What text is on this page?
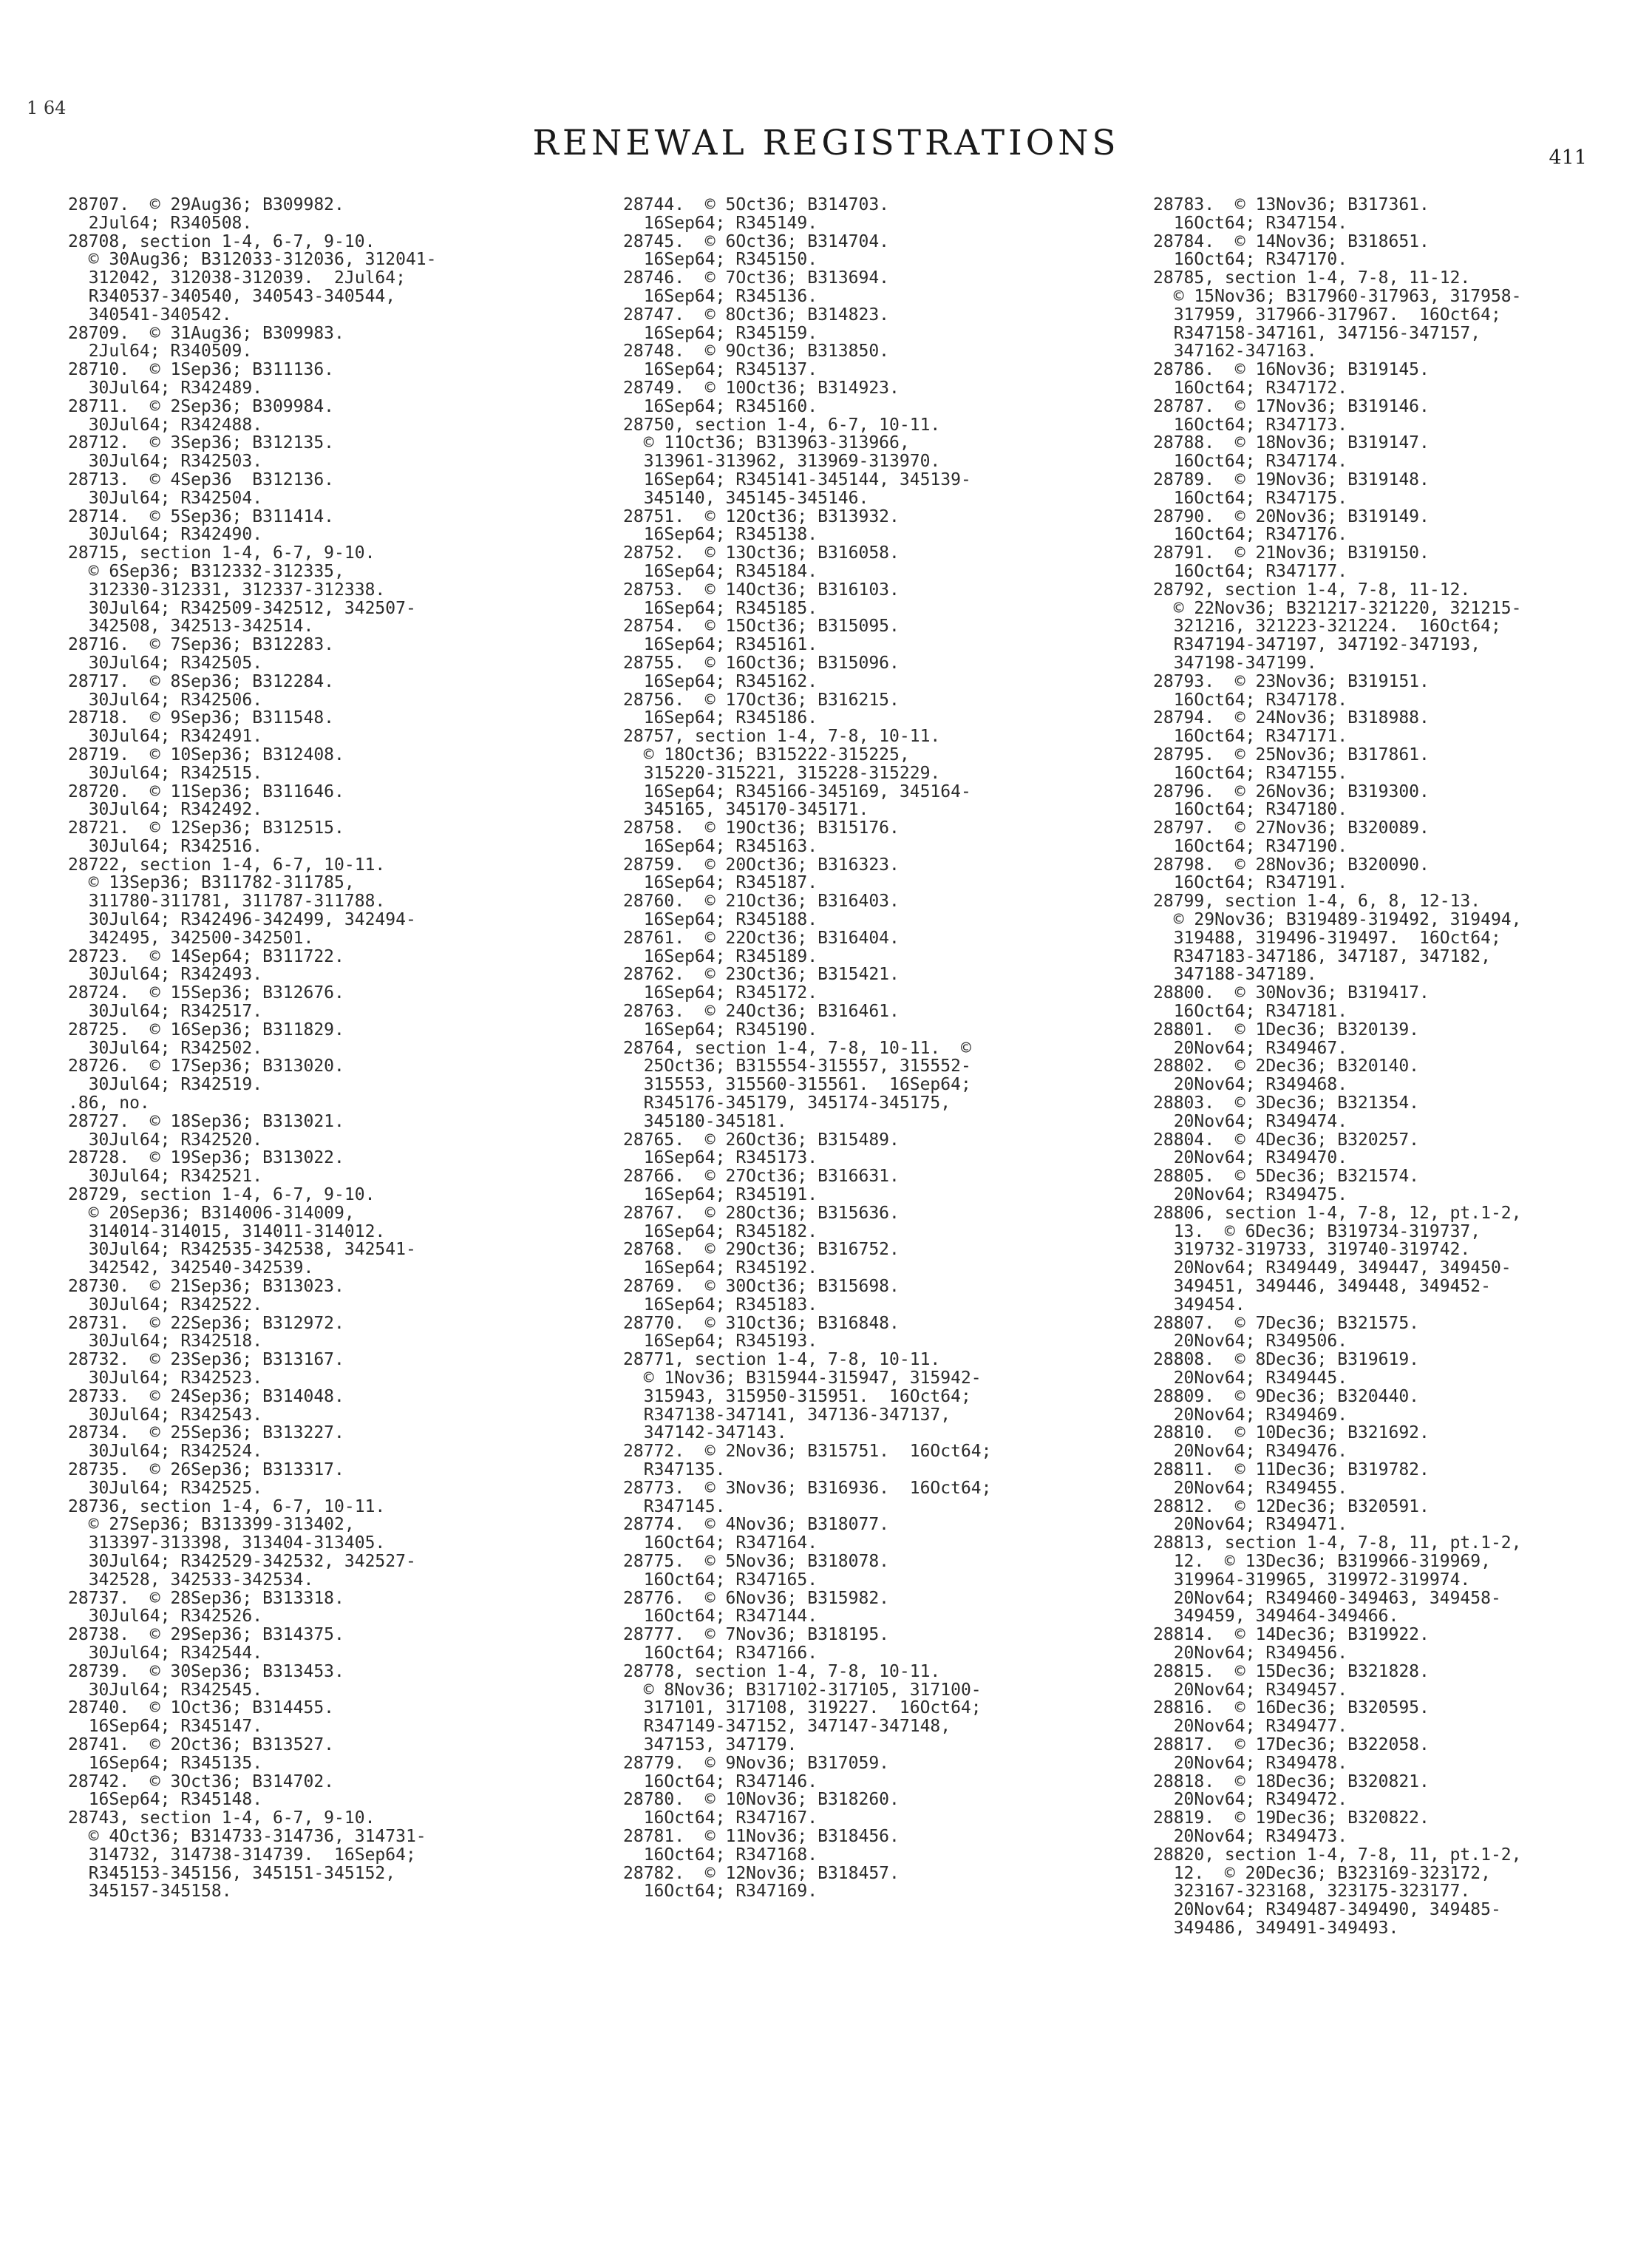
1 64
RENEWAL REGISTRATIONS	411
28707.  © 29Aug36; B309982.
2Jul64; R340508.
28708, section 1-4, 6-7, 9-10.
© 30Aug36; B312033-312036, 312041-
312042, 312038-312039.  2Jul64;
R340537-340540, 340543-340544,
340541-340542.
28709.  © 31Aug36; B309983.
2Jul64; R340509.
28710.  © 1Sep36; B311136.
30Jul64; R342489.
28711.  © 2Sep36; B309984.
30Jul64; R342488.
28712.  © 3Sep36; B312135.
30Jul64; R342503.
28713.  © 4Sep36  B312136.
30Jul64; R342504.
28714.  © 5Sep36; B311414.
30Jul64; R342490.
28715, section 1-4, 6-7, 9-10.
© 6Sep36; B312332-312335,
312330-312331, 312337-312338.
30Jul64; R342509-342512, 342507-
342508, 342513-342514.
28716.  © 7Sep36; B312283.
30Jul64; R342505.
28717.  © 8Sep36; B312284.
30Jul64; R342506.
28718.  © 9Sep36; B311548.
30Jul64; R342491.
28719.  © 10Sep36; B312408.
30Jul64; R342515.
28720.  © 11Sep36; B311646.
30Jul64; R342492.
28721.  © 12Sep36; B312515.
30Jul64; R342516.
28722, section 1-4, 6-7, 10-11.
© 13Sep36; B311782-311785,
311780-311781, 311787-311788.
30Jul64; R342496-342499, 342494-
342495, 342500-342501.
28723.  © 14Sep64; B311722.
30Jul64; R342493.
28724.  © 15Sep36; B312676.
30Jul64; R342517.
28725.  © 16Sep36; B311829.
30Jul64; R342502.
28726.  © 17Sep36; B313020.
30Jul64; R342519.
.86, no.
28727.  © 18Sep36; B313021.
30Jul64; R342520.
28728.  © 19Sep36; B313022.
30Jul64; R342521.
28729, section 1-4, 6-7, 9-10.
© 20Sep36; B314006-314009,
314014-314015, 314011-314012.
30Jul64; R342535-342538, 342541-
342542, 342540-342539.
28730.  © 21Sep36; B313023.
30Jul64; R342522.
28731.  © 22Sep36; B312972.
30Jul64; R342518.
28732.  © 23Sep36; B313167.
30Jul64; R342523.
28733.  © 24Sep36; B314048.
30Jul64; R342543.
28734.  © 25Sep36; B313227.
30Jul64; R342524.
28735.  © 26Sep36; B313317.
30Jul64; R342525.
28736, section 1-4, 6-7, 10-11.
© 27Sep36; B313399-313402,
313397-313398, 313404-313405.
30Jul64; R342529-342532, 342527-
342528, 342533-342534.
28737.  © 28Sep36; B313318.
30Jul64; R342526.
28738.  © 29Sep36; B314375.
30Jul64; R342544.
28739.  © 30Sep36; B313453.
30Jul64; R342545.
28740.  © 1Oct36; B314455.
16Sep64; R345147.
28741.  © 2Oct36; B313527.
16Sep64; R345135.
28742.  © 3Oct36; B314702.
16Sep64; R345148.
28743, section 1-4, 6-7, 9-10.
© 4Oct36; B314733-314736, 314731-
314732, 314738-314739.  16Sep64;
R345153-345156, 345151-345152,
345157-345158.
28744.  © 5Oct36; B314703.
16Sep64; R345149.
28745.  © 6Oct36; B314704.
16Sep64; R345150.
28746.  © 7Oct36; B313694.
16Sep64; R345136.
28747.  © 8Oct36; B314823.
16Sep64; R345159.
28748.  © 9Oct36; B313850.
16Sep64; R345137.
28749.  © 10Oct36; B314923.
16Sep64; R345160.
28750, section 1-4, 6-7, 10-11.
© 11Oct36; B313963-313966,
313961-313962, 313969-313970.
16Sep64; R345141-345144, 345139-
345140, 345145-345146.
28751.  © 12Oct36; B313932.
16Sep64; R345138.
28752.  © 13Oct36; B316058.
16Sep64; R345184.
28753.  © 14Oct36; B316103.
16Sep64; R345185.
28754.  © 15Oct36; B315095.
16Sep64; R345161.
28755.  © 16Oct36; B315096.
16Sep64; R345162.
28756.  © 17Oct36; B316215.
16Sep64; R345186.
28757, section 1-4, 7-8, 10-11.
© 18Oct36; B315222-315225,
315220-315221, 315228-315229.
16Sep64; R345166-345169, 345164-
345165, 345170-345171.
28758.  © 19Oct36; B315176.
16Sep64; R345163.
28759.  © 20Oct36; B316323.
16Sep64; R345187.
28760.  © 21Oct36; B316403.
16Sep64; R345188.
28761.  © 22Oct36; B316404.
16Sep64; R345189.
28762.  © 23Oct36; B315421.
16Sep64; R345172.
28763.  © 24Oct36; B316461.
16Sep64; R345190.
28764, section 1-4, 7-8, 10-11.  ©
25Oct36; B315554-315557, 315552-
315553, 315560-315561.  16Sep64;
R345176-345179, 345174-345175,
345180-345181.
28765.  © 26Oct36; B315489.
16Sep64; R345173.
28766.  © 27Oct36; B316631.
16Sep64; R345191.
28767.  © 28Oct36; B315636.
16Sep64; R345182.
28768.  © 29Oct36; B316752.
16Sep64; R345192.
28769.  © 30Oct36; B315698.
16Sep64; R345183.
28770.  © 31Oct36; B316848.
16Sep64; R345193.
28771, section 1-4, 7-8, 10-11.
© 1Nov36; B315944-315947, 315942-
315943, 315950-315951.  16Oct64;
R347138-347141, 347136-347137,
347142-347143.
28772.  © 2Nov36; B315751.  16Oct64;
R347135.
28773.  © 3Nov36; B316936.  16Oct64;
R347145.
28774.  © 4Nov36; B318077.
16Oct64; R347164.
28775.  © 5Nov36; B318078.
16Oct64; R347165.
28776.  © 6Nov36; B315982.
16Oct64; R347144.
28777.  © 7Nov36; B318195.
16Oct64; R347166.
28778, section 1-4, 7-8, 10-11.
© 8Nov36; B317102-317105, 317100-
317101, 317108, 319227.  16Oct64;
R347149-347152, 347147-347148,
347153, 347179.
28779.  © 9Nov36; B317059.
16Oct64; R347146.
28780.  © 10Nov36; B318260.
16Oct64; R347167.
28781.  © 11Nov36; B318456.
16Oct64; R347168.
28782.  © 12Nov36; B318457.
16Oct64; R347169.
28783.  © 13Nov36; B317361.
16Oct64; R347154.
28784.  © 14Nov36; B318651.
16Oct64; R347170.
28785, section 1-4, 7-8, 11-12.
© 15Nov36; B317960-317963, 317958-
317959, 317966-317967.  16Oct64;
R347158-347161, 347156-347157,
347162-347163.
28786.  © 16Nov36; B319145.
16Oct64; R347172.
28787.  © 17Nov36; B319146.
16Oct64; R347173.
28788.  © 18Nov36; B319147.
16Oct64; R347174.
28789.  © 19Nov36; B319148.
16Oct64; R347175.
28790.  © 20Nov36; B319149.
16Oct64; R347176.
28791.  © 21Nov36; B319150.
16Oct64; R347177.
28792, section 1-4, 7-8, 11-12.
© 22Nov36; B321217-321220, 321215-
321216, 321223-321224.  16Oct64;
R347194-347197, 347192-347193,
347198-347199.
28793.  © 23Nov36; B319151.
16Oct64; R347178.
28794.  © 24Nov36; B318988.
16Oct64; R347171.
28795.  © 25Nov36; B317861.
16Oct64; R347155.
28796.  © 26Nov36; B319300.
16Oct64; R347180.
28797.  © 27Nov36; B320089.
16Oct64; R347190.
28798.  © 28Nov36; B320090.
16Oct64; R347191.
28799, section 1-4, 6, 8, 12-13.
© 29Nov36; B319489-319492, 319494,
319488, 319496-319497.  16Oct64;
R347183-347186, 347187, 347182,
347188-347189.
28800.  © 30Nov36; B319417.
16Oct64; R347181.
28801.  © 1Dec36; B320139.
20Nov64; R349467.
28802.  © 2Dec36; B320140.
20Nov64; R349468.
28803.  © 3Dec36; B321354.
20Nov64; R349474.
28804.  © 4Dec36; B320257.
20Nov64; R349470.
28805.  © 5Dec36; B321574.
20Nov64; R349475.
28806, section 1-4, 7-8, 12, pt.1-2,
13.  © 6Dec36; B319734-319737,
319732-319733, 319740-319742.
20Nov64; R349449, 349447, 349450-
349451, 349446, 349448, 349452-
349454.
28807.  © 7Dec36; B321575.
20Nov64; R349506.
28808.  © 8Dec36; B319619.
20Nov64; R349445.
28809.  © 9Dec36; B320440.
20Nov64; R349469.
28810.  © 10Dec36; B321692.
20Nov64; R349476.
28811.  © 11Dec36; B319782.
20Nov64; R349455.
28812.  © 12Dec36; B320591.
20Nov64; R349471.
28813, section 1-4, 7-8, 11, pt.1-2,
12.  © 13Dec36; B319966-319969,
319964-319965, 319972-319974.
20Nov64; R349460-349463, 349458-
349459, 349464-349466.
28814.  © 14Dec36; B319922.
20Nov64; R349456.
28815.  © 15Dec36; B321828.
20Nov64; R349457.
28816.  © 16Dec36; B320595.
20Nov64; R349477.
28817.  © 17Dec36; B322058.
20Nov64; R349478.
28818.  © 18Dec36; B320821.
20Nov64; R349472.
28819.  © 19Dec36; B320822.
20Nov64; R349473.
28820, section 1-4, 7-8, 11, pt.1-2,
12.  © 20Dec36; B323169-323172,
323167-323168, 323175-323177.
20Nov64; R349487-349490, 349485-
349486, 349491-349493.
